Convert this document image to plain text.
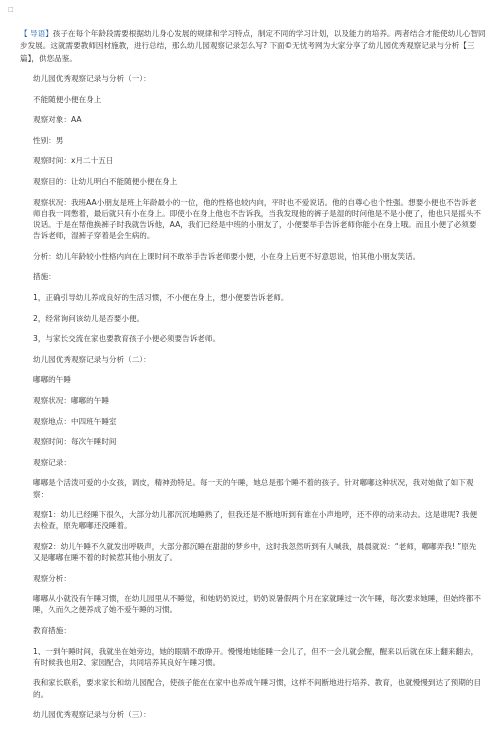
□
【 导语】孩子在每个年龄段需要根据幼儿身心发展的规律和学习特点，制定不同的学习计划，以及能力的培养。两者结合才能使幼儿心智同步发展。这就需要教师因材施教，进行总结，那么幼儿园观察记录怎么写? 下面©无忧考网为大家分享了幼儿园优秀观察记录与分析【三篇】，供您品鉴。

幼儿园优秀观察记录与分析（一）：

不能随便小便在身上

观察对象：AA

性别：男

观察时间：x月二十五日

观察目的：让幼儿明白不能随便小便在身上

观察状况：我班AA小朋友是班上年龄最小的一位，他的性格也较内向，平时也不爱说话。他的自尊心也个性强。想要小便也不告诉老师自我一同憋着，最后就只有小在身上。即使小在身上他也不告诉我，当我发现他的裤子是湿的时问他是不是小便了，他也只是摇头不说话。于是在帮他换裤子时我就告诉他，AA，我们已经是中班的小朋友了，小便要举手告诉老师你能小在身上哦。而且小便了必须要告诉老师，湿裤子穿着是会生病的。

分析：幼儿年龄较小性格内向在上课时问不敢举手告诉老师要小便，小在身上后更不好意思说，怕其他小朋友笑话。

措施：

1，正确引导幼儿养成良好的生活习惯，不小便在身上，想小便要告诉老师。

2，经常询问该幼儿是否要小便。

3，与家长交流在家也要教育孩子小便必须要告诉老师。

幼儿园优秀观察记录与分析（二）：

嘟嘟的午睡

观察状况：嘟嘟的午睡

观察地点：中四班午睡室

观察时间：每次午睡时间

观察记录：

嘟嘟是个活泼可爱的小女孩，调皮，精神劲特足。每一天的午睡，她总是那个睡不着的孩子。针对嘟嘟这种状况，我对她做了如下观察：

观察1：幼儿已经睡下很久，大部分幼儿都沉沉地睡熟了，但我还是不断地听到有谁在小声地哼，还不停的动来动去。这是谁呢? 我便去检查，原先嘟嘟还没睡着。

观察2：幼儿午睡不久就发出呼吸声，大部分都沉睡在甜甜的梦乡中，这时我忽然听到有人喊我，晨晨就说：“老师，嘟嘟弄我! ”原先又是嘟嘟在睡不着的时候惹其他小朋友了。

观察分析：

嘟嘟从小就没有午睡习惯，在幼儿园里从不睡觉，和她奶奶说过，奶奶说暑假两个月在家就睡过一次午睡，每次要求她睡，但始终都不睡，久而久之便养成了她不爱午睡的习惯。

教育措施：

1、一到午睡时间，我就坐在她旁边，她的眼睛不敢睁开。慢慢地她能睡一会儿了，但不一会儿就会醒，醒来以后就在床上翻来翻去，有时候我也用2、家园配合，共同培养其良好午睡习惯。

我和家长联系，要求家长和幼儿园配合，使孩子能在在家中也养成午睡习惯，这样不间断地进行培养、教育，也就慢慢到达了预期的目的。

幼儿园优秀观察记录与分析（三）：
